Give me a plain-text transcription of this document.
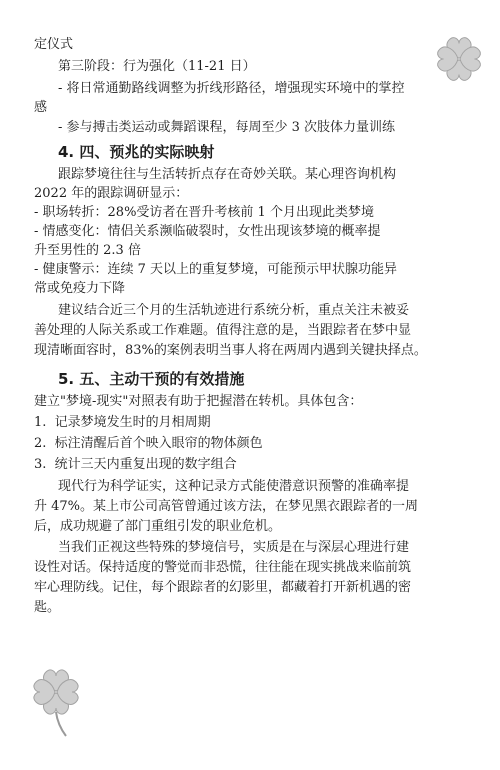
定仪式
第三阶段：行为强化（11-21 日）
- 将日常通勤路线调整为折线形路径，增强现实环境中的掌控
感
- 参与搏击类运动或舞蹈课程，每周至少 3 次肢体力量训练
4. 四、预兆的实际映射
跟踪梦境往往与生活转折点存在奇妙关联。某心理咨询机构
2022 年的跟踪调研显示：
- 职场转折：28%受访者在晋升考核前 1 个月出现此类梦境
- 情感变化：情侣关系濒临破裂时，女性出现该梦境的概率提
升至男性的 2.3 倍
- 健康警示：连续 7 天以上的重复梦境，可能预示甲状腺功能异
常或免疫力下降
建议结合近三个月的生活轨迹进行系统分析，重点关注未被妥
善处理的人际关系或工作难题。值得注意的是，当跟踪者在梦中显
现清晰面容时，83%的案例表明当事人将在两周内遇到关键抉择点。
5. 五、主动干预的有效措施
建立"梦境-现实"对照表有助于把握潜在转机。具体包含：
1. 记录梦境发生时的月相周期
2. 标注清醒后首个映入眼帘的物体颜色
3. 统计三天内重复出现的数字组合
现代行为科学证实，这种记录方式能使潜意识预警的准确率提
升 47%。某上市公司高管曾通过该方法，在梦见黑衣跟踪者的一周
后，成功规避了部门重组引发的职业危机。
当我们正视这些特殊的梦境信号，实质是在与深层心理进行建
设性对话。保持适度的警觉而非恐慌，往往能在现实挑战来临前筑
牢心理防线。记住，每个跟踪者的幻影里，都藏着打开新机遇的密
匙。
